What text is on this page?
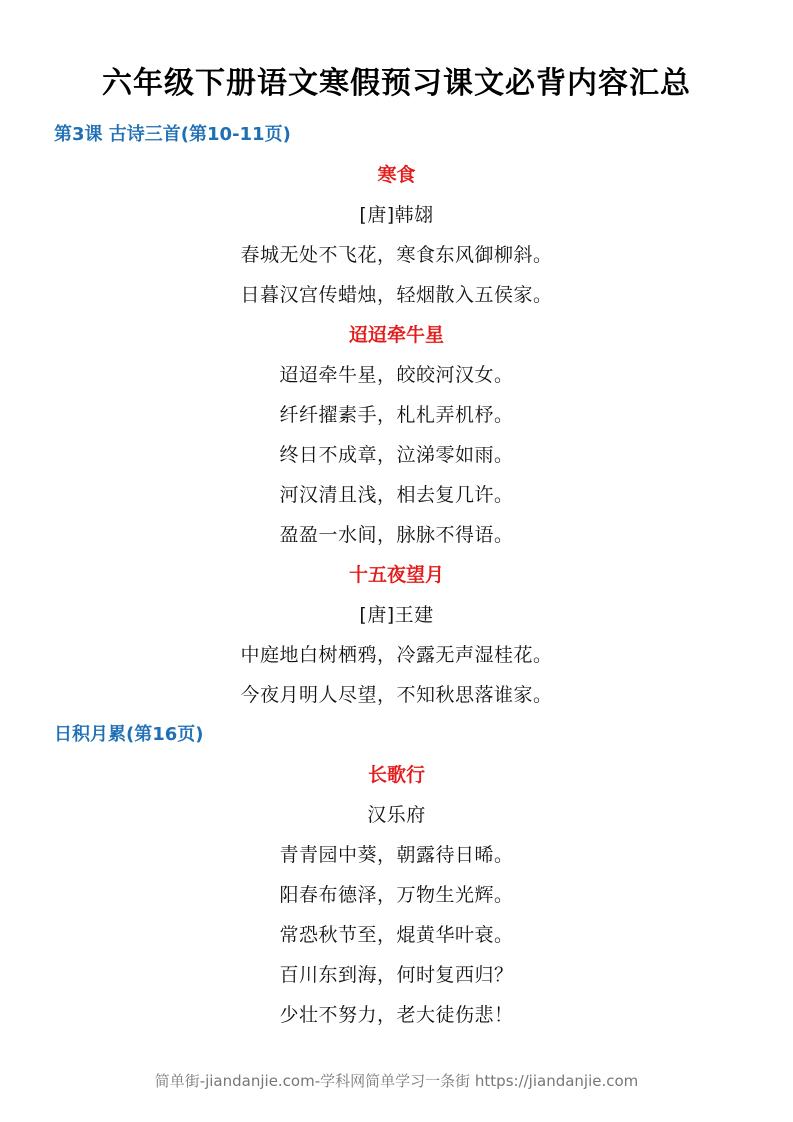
六年级下册语文寒假预习课文必背内容汇总
第3课 古诗三首(第10-11页)
寒食
[唐]韩翃
春城无处不飞花，寒食东风御柳斜。
日暮汉宫传蜡烛，轻烟散入五侯家。
迢迢牵牛星
迢迢牵牛星，皎皎河汉女。
纤纤擢素手，札札弄机杼。
终日不成章，泣涕零如雨。
河汉清且浅，相去复几许。
盈盈一水间，脉脉不得语。
十五夜望月
[唐]王建
中庭地白树栖鸦，冷露无声湿桂花。
今夜月明人尽望，不知秋思落谁家。
日积月累(第16页)
长歌行
汉乐府
青青园中葵，朝露待日晞。
阳春布德泽，万物生光辉。
常恐秋节至，焜黄华叶衰。
百川东到海，何时复西归？
少壮不努力，老大徒伤悲！
简单街-jiandanjie.com-学科网简单学习一条街 https://jiandanjie.com
